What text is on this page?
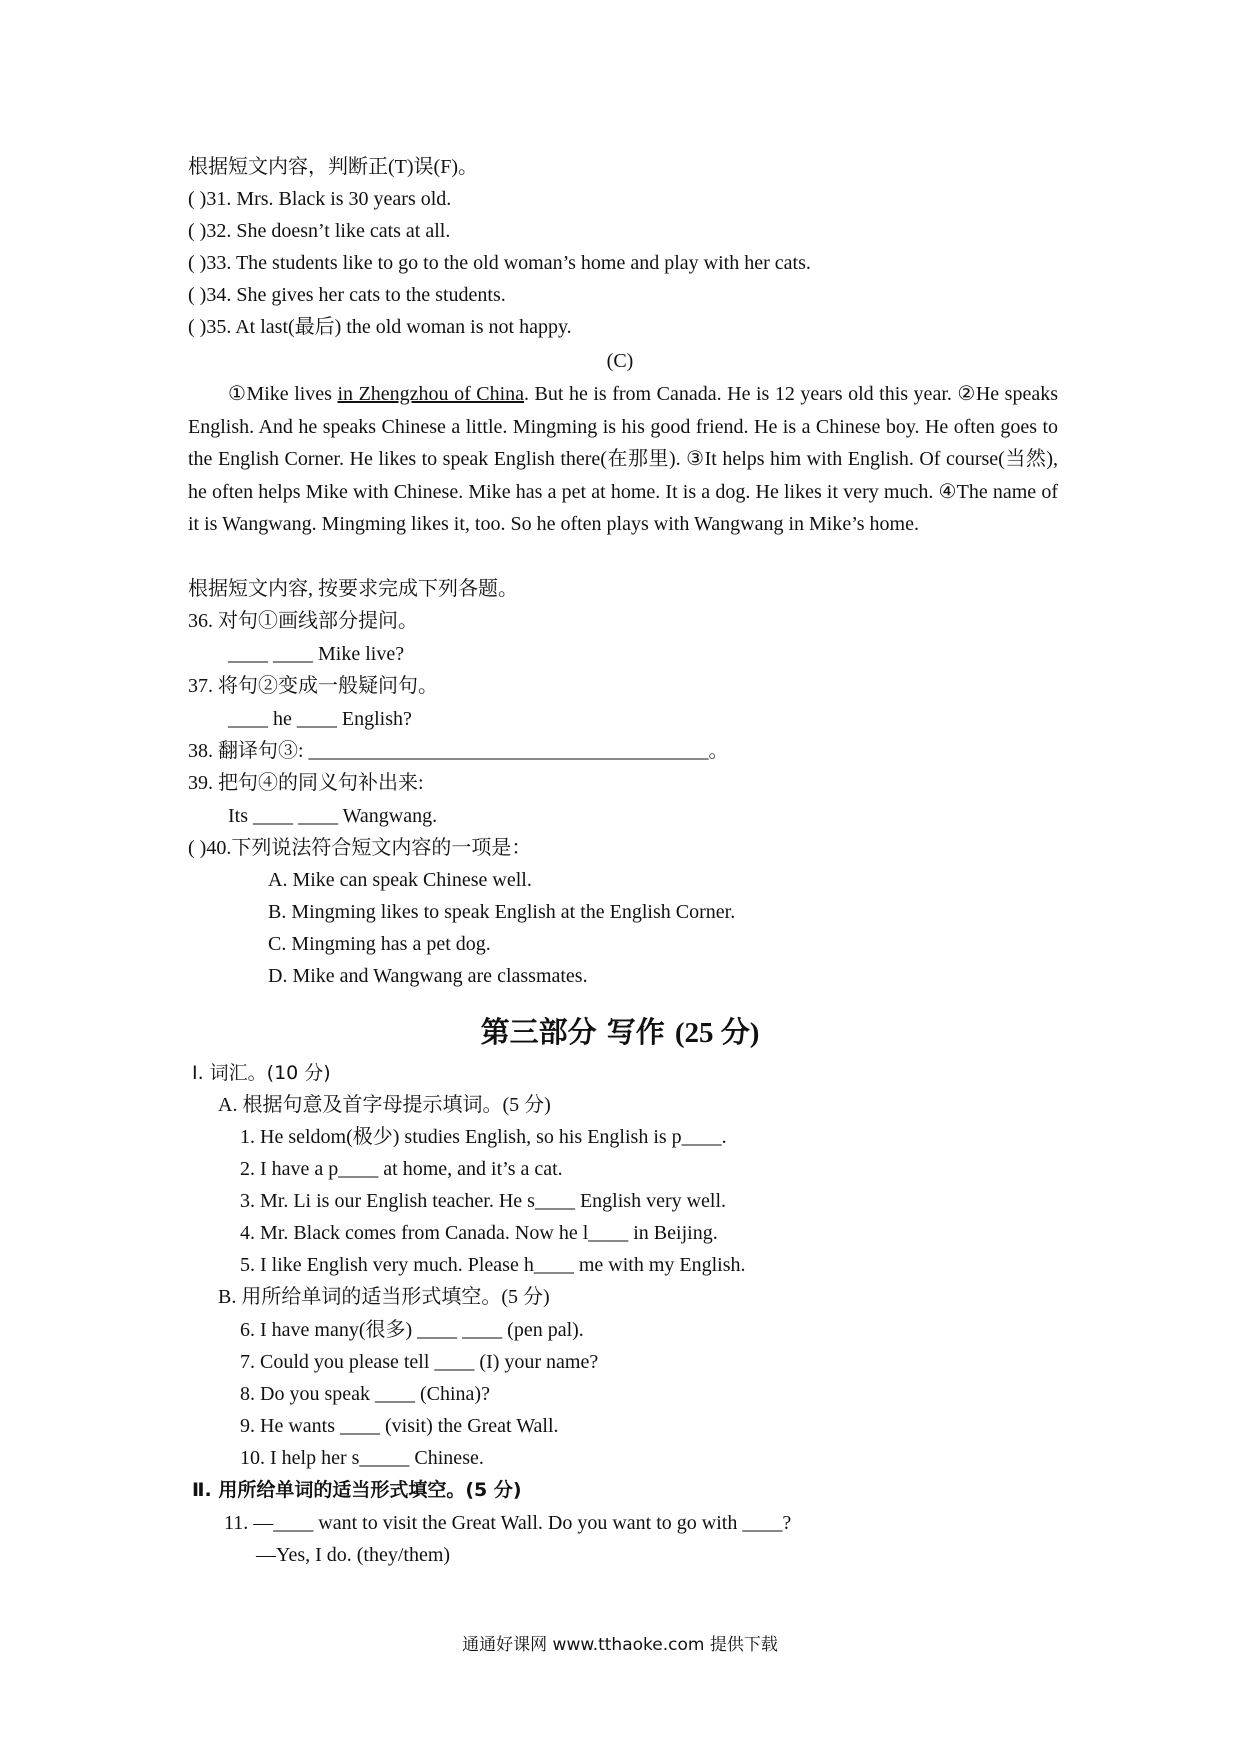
根据短文内容，判断正(T)误(F)。
( )31. Mrs. Black is 30 years old.
( )32. She doesn’t like cats at all.
( )33. The students like to go to the old woman’s home and play with her cats.
( )34. She gives her cats to the students.
( )35. At last(最后) the old woman is not happy.
(C)
①Mike lives in Zhengzhou of China. But he is from Canada. He is 12 years old this year. ②He speaks English. And he speaks Chinese a little. Mingming is his good friend. He is a Chinese boy. He often goes to the English Corner. He likes to speak English there(在那里). ③It helps him with English. Of course(当然), he often helps Mike with Chinese. Mike has a pet at home. It is a dog. He likes it very much. ④The name of it is Wangwang. Mingming likes it, too. So he often plays with Wangwang in Mike’s home.
根据短文内容, 按要求完成下列各题。
36. 对句①画线部分提问。
____ ____ Mike live?
37. 将句②变成一般疑问句。
____ he ____ English?
38. 翻译句③: ________________________________________。
39. 把句④的同义句补出来:
Its ____ ____ Wangwang.
( )40.下列说法符合短文内容的一项是：
A. Mike can speak Chinese well.
B. Mingming likes to speak English at the English Corner.
C. Mingming has a pet dog.
D. Mike and Wangwang are classmates.
第三部分 写作 (25 分)
Ⅰ. 词汇。(10 分)
A. 根据句意及首字母提示填词。(5 分)
1. He seldom(极少) studies English, so his English is p____.
2. I have a p____ at home, and it’s a cat.
3. Mr. Li is our English teacher. He s____ English very well.
4. Mr. Black comes from Canada. Now he l____ in Beijing.
5. I like English very much. Please h____ me with my English.
B. 用所给单词的适当形式填空。(5 分)
6. I have many(很多) ____ ____ (pen pal).
7. Could you please tell ____ (I) your name?
8. Do you speak ____ (China)?
9. He wants ____ (visit) the Great Wall.
10. I help her s_____ Chinese.
Ⅱ. 用所给单词的适当形式填空。(5 分)
11. —____ want to visit the Great Wall. Do you want to go with ____?
—Yes, I do. (they/them)
通通好课网 www.tthaoke.com 提供下载
